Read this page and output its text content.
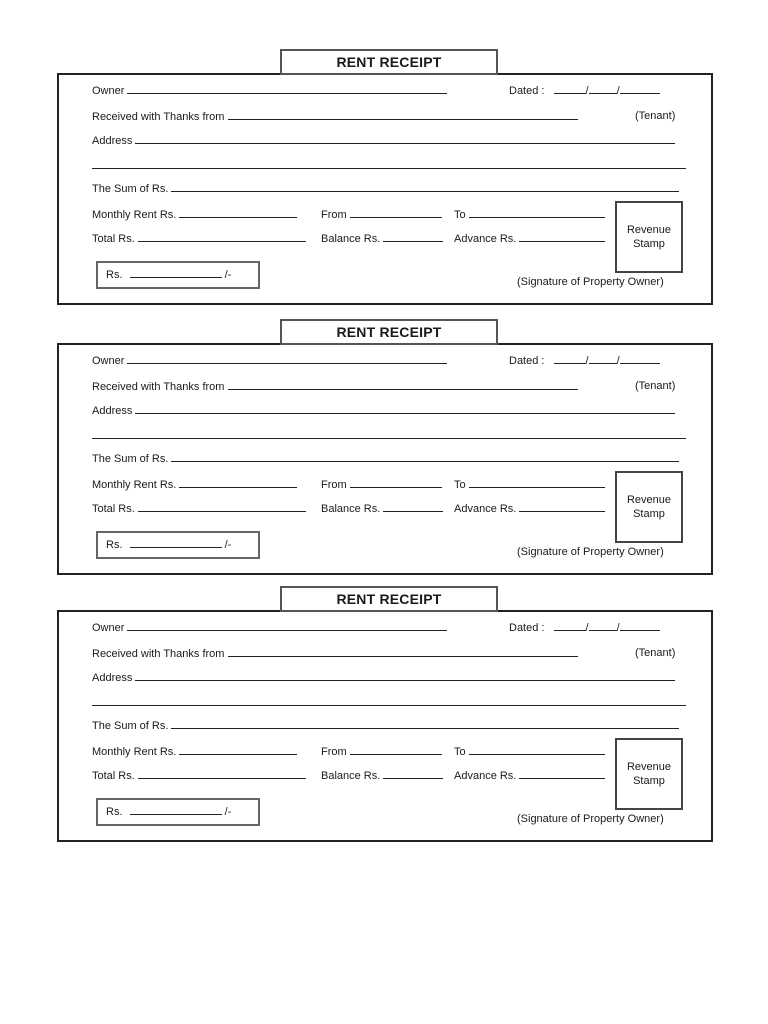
RENT RECEIPT
Owner	Dated :	/	/
Received with Thanks from	(Tenant)
Address
The Sum of Rs.
Monthly Rent Rs.	From	To
Total Rs.	Balance Rs.	Advance Rs.
Revenue
Stamp
Rs.	/-
(Signature of Property Owner)
RENT RECEIPT
Owner	Dated :	/	/
Received with Thanks from	(Tenant)
Address
The Sum of Rs.
Monthly Rent Rs.	From	To
Total Rs.	Balance Rs.	Advance Rs.
Revenue
Stamp
Rs.	/-
(Signature of Property Owner)
RENT RECEIPT
Owner	Dated :	/	/
Received with Thanks from	(Tenant)
Address
The Sum of Rs.
Monthly Rent Rs.	From	To
Total Rs.	Balance Rs.	Advance Rs.
Revenue
Stamp
Rs.	/-
(Signature of Property Owner)
